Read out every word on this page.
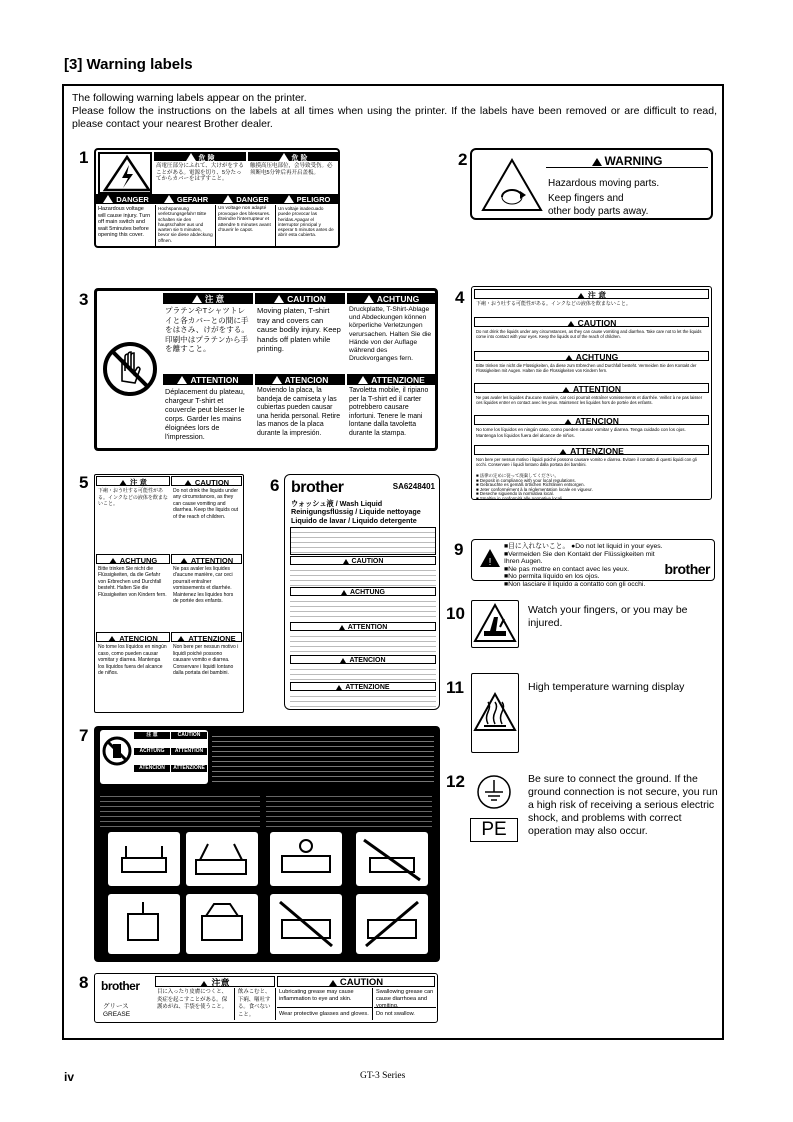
[3] Warning labels
The following warning labels appear on the printer.
Please follow the instructions on the labels at all times when using the printer. If the labels have been removed or are difficult to read, please contact your nearest Brother dealer.
1	2
3	4
5	6
7
8
9
10
11
12
危 険	危 险
高電圧部分にふれて、大けがをすることがある。電源を切り、5分たってからカバーをはずすこと。
触摸高压电部位，会导致受伤。必须断电5分钟后再开启盖板。
DANGER	GEFAHR	DANGER	PELIGRO
Hazardous voltage will cause injury. Turn off main switch and wait 5minutes before opening this cover.
Hochspannung verletzungsgefahr! Bitte schalten sie den hauptschalter aus und warten sie 5 minuten, bevor sie diese abdeckung öffnen.
Un voltage non adapté provoque des blessures. Éteindre l'interrupteur et attendre 5 minutes avant d'ouvrir le capot.
Un voltaje inadecuado puede provocar las heridas.Apagar el interruptor principal y esperar 5 minutos antes de abrir esta cubierta.
WARNING
Hazardous moving parts.
Keep fingers and
other body parts away.
注 意	CAUTION	ACHTUNG
プラテンやTシャツトレイと各カバーとの間に手をはさみ、けがをする。印刷中はプラテンから手を離すこと。
Moving platen, T-shirt tray and covers can cause bodily injury. Keep hands off platen while printing.
Druckplatte, T-Shirt-Ablage und Abdeckungen können körperliche Verletzungen verursachen. Halten Sie die Hände von der Auflage während des Druckvorganges fern.
ATTENTION	ATENCION	ATTENZIONE
Déplacement du plateau, chargeur T-shirt et couvercle peut blesser le corps. Garder les mains éloignées lors de l'impression.
Moviendo la placa, la bandeja de camiseta y las cubiertas pueden causar una herida personal. Retire las manos de la placa durante la impresión.
Tavoletta mobile, il ripiano per la T-shirt ed il carter potrebbero causare infortuni. Tenere le mani lontane dalla tavoletta durante la stampa.
注 意
下痢・おう吐する可能性がある。インクなどの液体を飲まないこと。
CAUTION
Do not drink the liquids under any circumstances, as they can cause vomiting and diarrhea. Take care not to let the liquids come into contact with your eyes. Keep the liquids out of the reach of children.
ACHTUNG
Bitte trinken Sie nicht die Flüssigkeiten, da diese zum Erbrechen und Durchfall besteht. Vermeiden Sie den Kontakt der Flüssigkeiten mit Augen. Halten Sie die Flüssigkeiten von Kindern fern.
ATTENTION
Ne pas avaler les liquides d'aucune manière, car ceci pourrait entraîner vomissements et diarrhée. Veillez à ne pas laisser ces liquides entrer en contact avec les yeux. Maintenez les liquides hors de portée des enfants.
ATENCION
No tome los líquidos en ningún caso, como pueden causar vomitar y diarrea. Tenga cuidado con los ojos. Mantenga los líquidos fuera del alcance de niños.
ATTENZIONE
Non bere per nessun motivo i liquidi poiché possono causare vomito e diarrea. Evitare il contatto di questi liquidi con gli occhi. Conservare i liquidi lontano dalla portata dei bambini.
■ 法律の定めに従って廃棄してください。
■ Deposit in compliance with your local regulations.
■ Gebrauchte es gemäß örtlichen Richtlinien entsorgen.
■ Jeter conformément à la réglementation locale en vigueur.
■ Deseche siguiendo la normativa local.
■ Smaltire in conformità alle normative locali.
注 意	CAUTION
下痢・おう吐する可能性がある。インクなどの液体を飲まないこと。
Do not drink the liquids under any circumstances, as they can cause vomiting and diarrhea. Keep the liquids out of the reach of children.
ACHTUNG	ATTENTION
Bitte trinken Sie nicht die Flüssigkeiten, da die Gefahr von Erbrechen und Durchfall besteht. Halten Sie die Flüssigkeiten von Kindern fern.
Ne pas avaler les liquides d'aucune manière, car ceci pourrait entraîner vomissements et diarrhée. Maintenez les liquides hors de portée des enfants.
ATENCION	ATTENZIONE
No tome los líquidos en ningún caso, como pueden causar vomitar y diarrea. Mantenga los líquidos fuera del alcance de niños.
Non bere per nessun motivo i liquidi poiché possono causare vomito e diarrea. Conservare i liquidi lontano dalla portata dei bambini.
brother	SA6248401
ウォッシュ液 / Wash Liquid
Reinigungsflüssig / Liquide nettoyage
Liquido de lavar / Liquido detergente
CAUTION
ACHTUNG
ATTENTION
ATENCION
ATTENZIONE
注 意	CAUTION
ACHTUNG	ATTENTION
ATENCION	ATTENZIONE
brother
グリース
GREASE
注意	CAUTION
目に入ったり皮膚につくと、炎症を起こすことがある。保護めがね、手袋を使うこと。
飲みこむと、下痢、嘔吐する。食べないこと。
Lubricating grease may cause inflammation to eye and skin.
Swallowing grease can cause diarrhoea and vomiting.
Wear protective glasses and gloves.	Do not swallow.
!
■目に入れないこと。 ●Do not let liquid in your eyes.
■Vermeiden Sie den Kontakt der Flüssigkeiten mit Ihren Augen.
■Ne pas mettre en contact avec les yeux.
■No permita líquido en los ojos.
■Non lasciare il liquido a contatto con gli occhi.
brother
Watch your fingers, or you may be injured.
High temperature warning display
PE
Be sure to connect the ground. If the ground connection is not secure, you run a high risk of receiving a serious electric shock, and problems with correct operation may also occur.
iv	GT-3 Series
